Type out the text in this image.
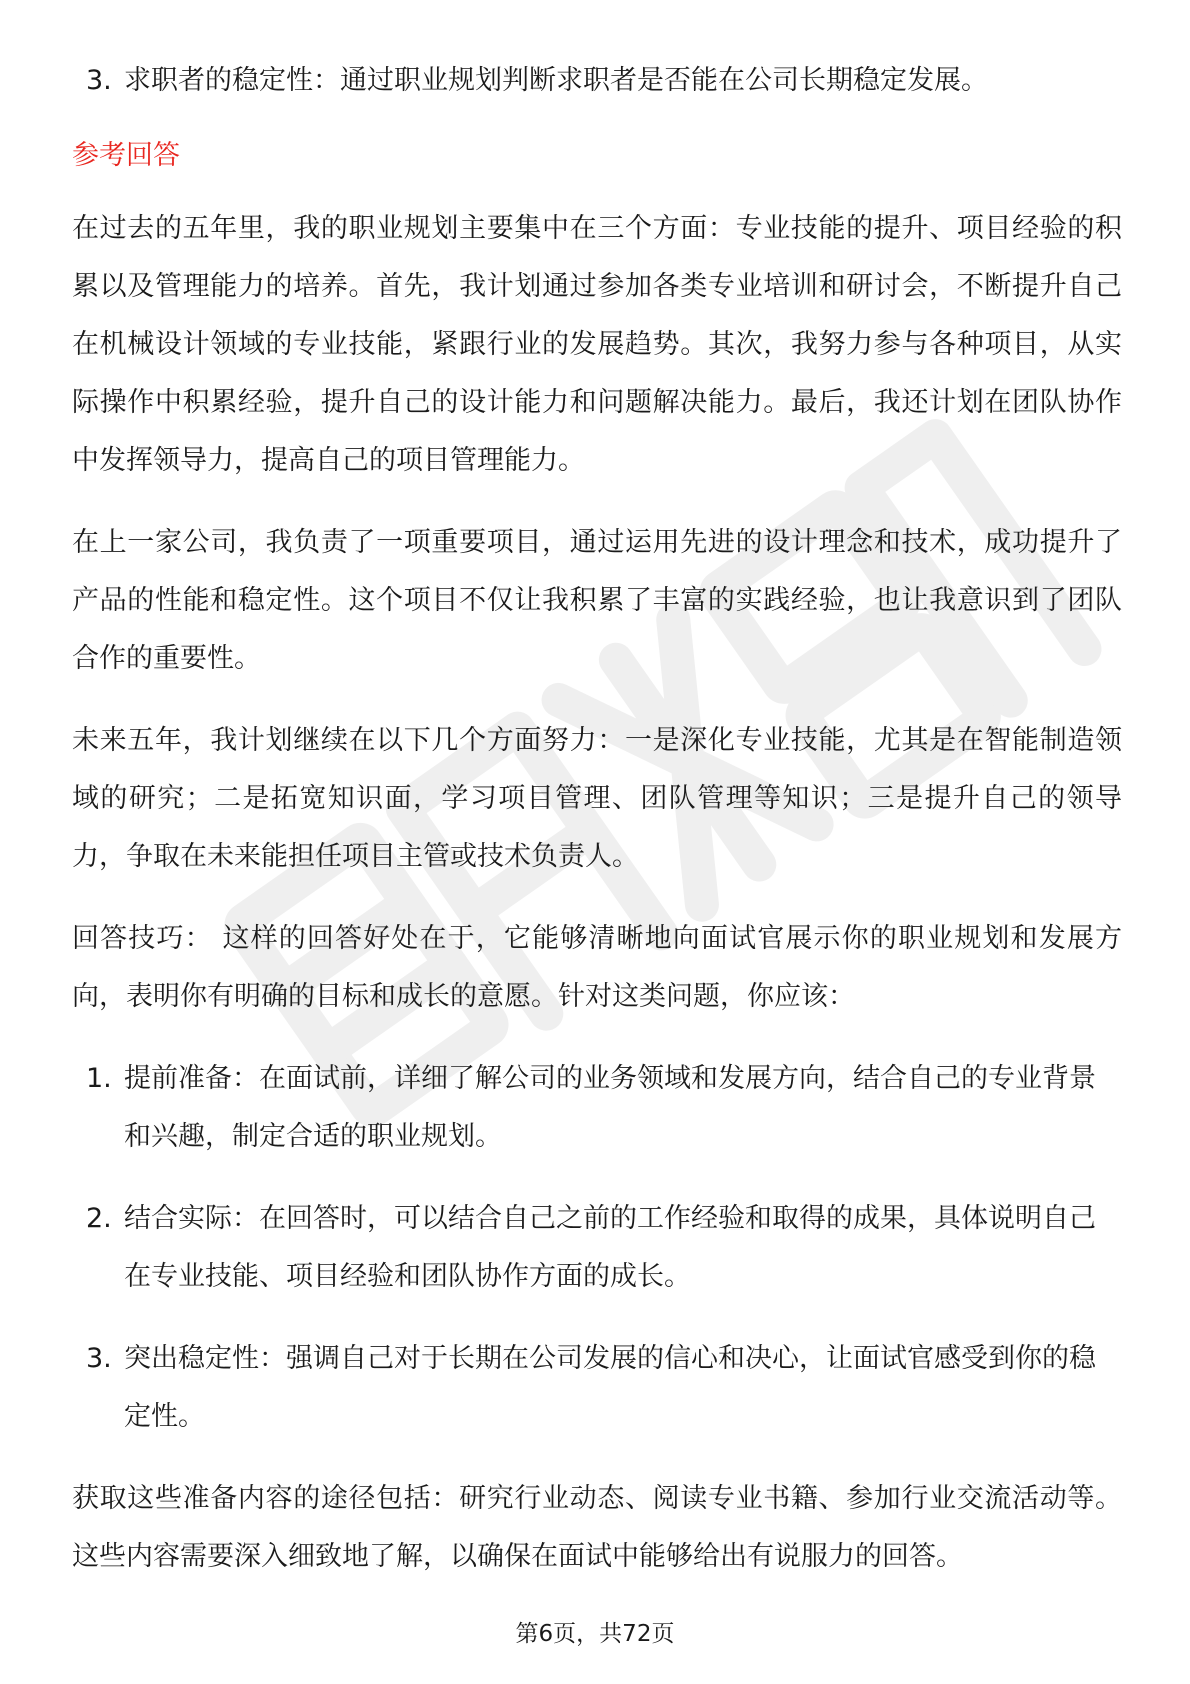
3. 求职者的稳定性：通过职业规划判断求职者是否能在公司长期稳定发展。

参考回答

在过去的五年里，我的职业规划主要集中在三个方面：专业技能的提升、项目经验的积累以及管理能力的培养。首先，我计划通过参加各类专业培训和研讨会，不断提升自己在机械设计领域的专业技能，紧跟行业的发展趋势。其次，我努力参与各种项目，从实际操作中积累经验，提升自己的设计能力和问题解决能力。最后，我还计划在团队协作中发挥领导力，提高自己的项目管理能力。

在上一家公司，我负责了一项重要项目，通过运用先进的设计理念和技术，成功提升了产品的性能和稳定性。这个项目不仅让我积累了丰富的实践经验，也让我意识到了团队合作的重要性。

未来五年，我计划继续在以下几个方面努力：一是深化专业技能，尤其是在智能制造领域的研究；二是拓宽知识面，学习项目管理、团队管理等知识；三是提升自己的领导力，争取在未来能担任项目主管或技术负责人。

回答技巧： 这样的回答好处在于，它能够清晰地向面试官展示你的职业规划和发展方向，表明你有明确的目标和成长的意愿。针对这类问题，你应该：

1. 提前准备：在面试前，详细了解公司的业务领域和发展方向，结合自己的专业背景和兴趣，制定合适的职业规划。

2. 结合实际：在回答时，可以结合自己之前的工作经验和取得的成果，具体说明自己在专业技能、项目经验和团队协作方面的成长。

3. 突出稳定性：强调自己对于长期在公司发展的信心和决心，让面试官感受到你的稳定性。

获取这些准备内容的途径包括：研究行业动态、阅读专业书籍、参加行业交流活动等。这些内容需要深入细致地了解，以确保在面试中能够给出有说服力的回答。

第6页，共72页
